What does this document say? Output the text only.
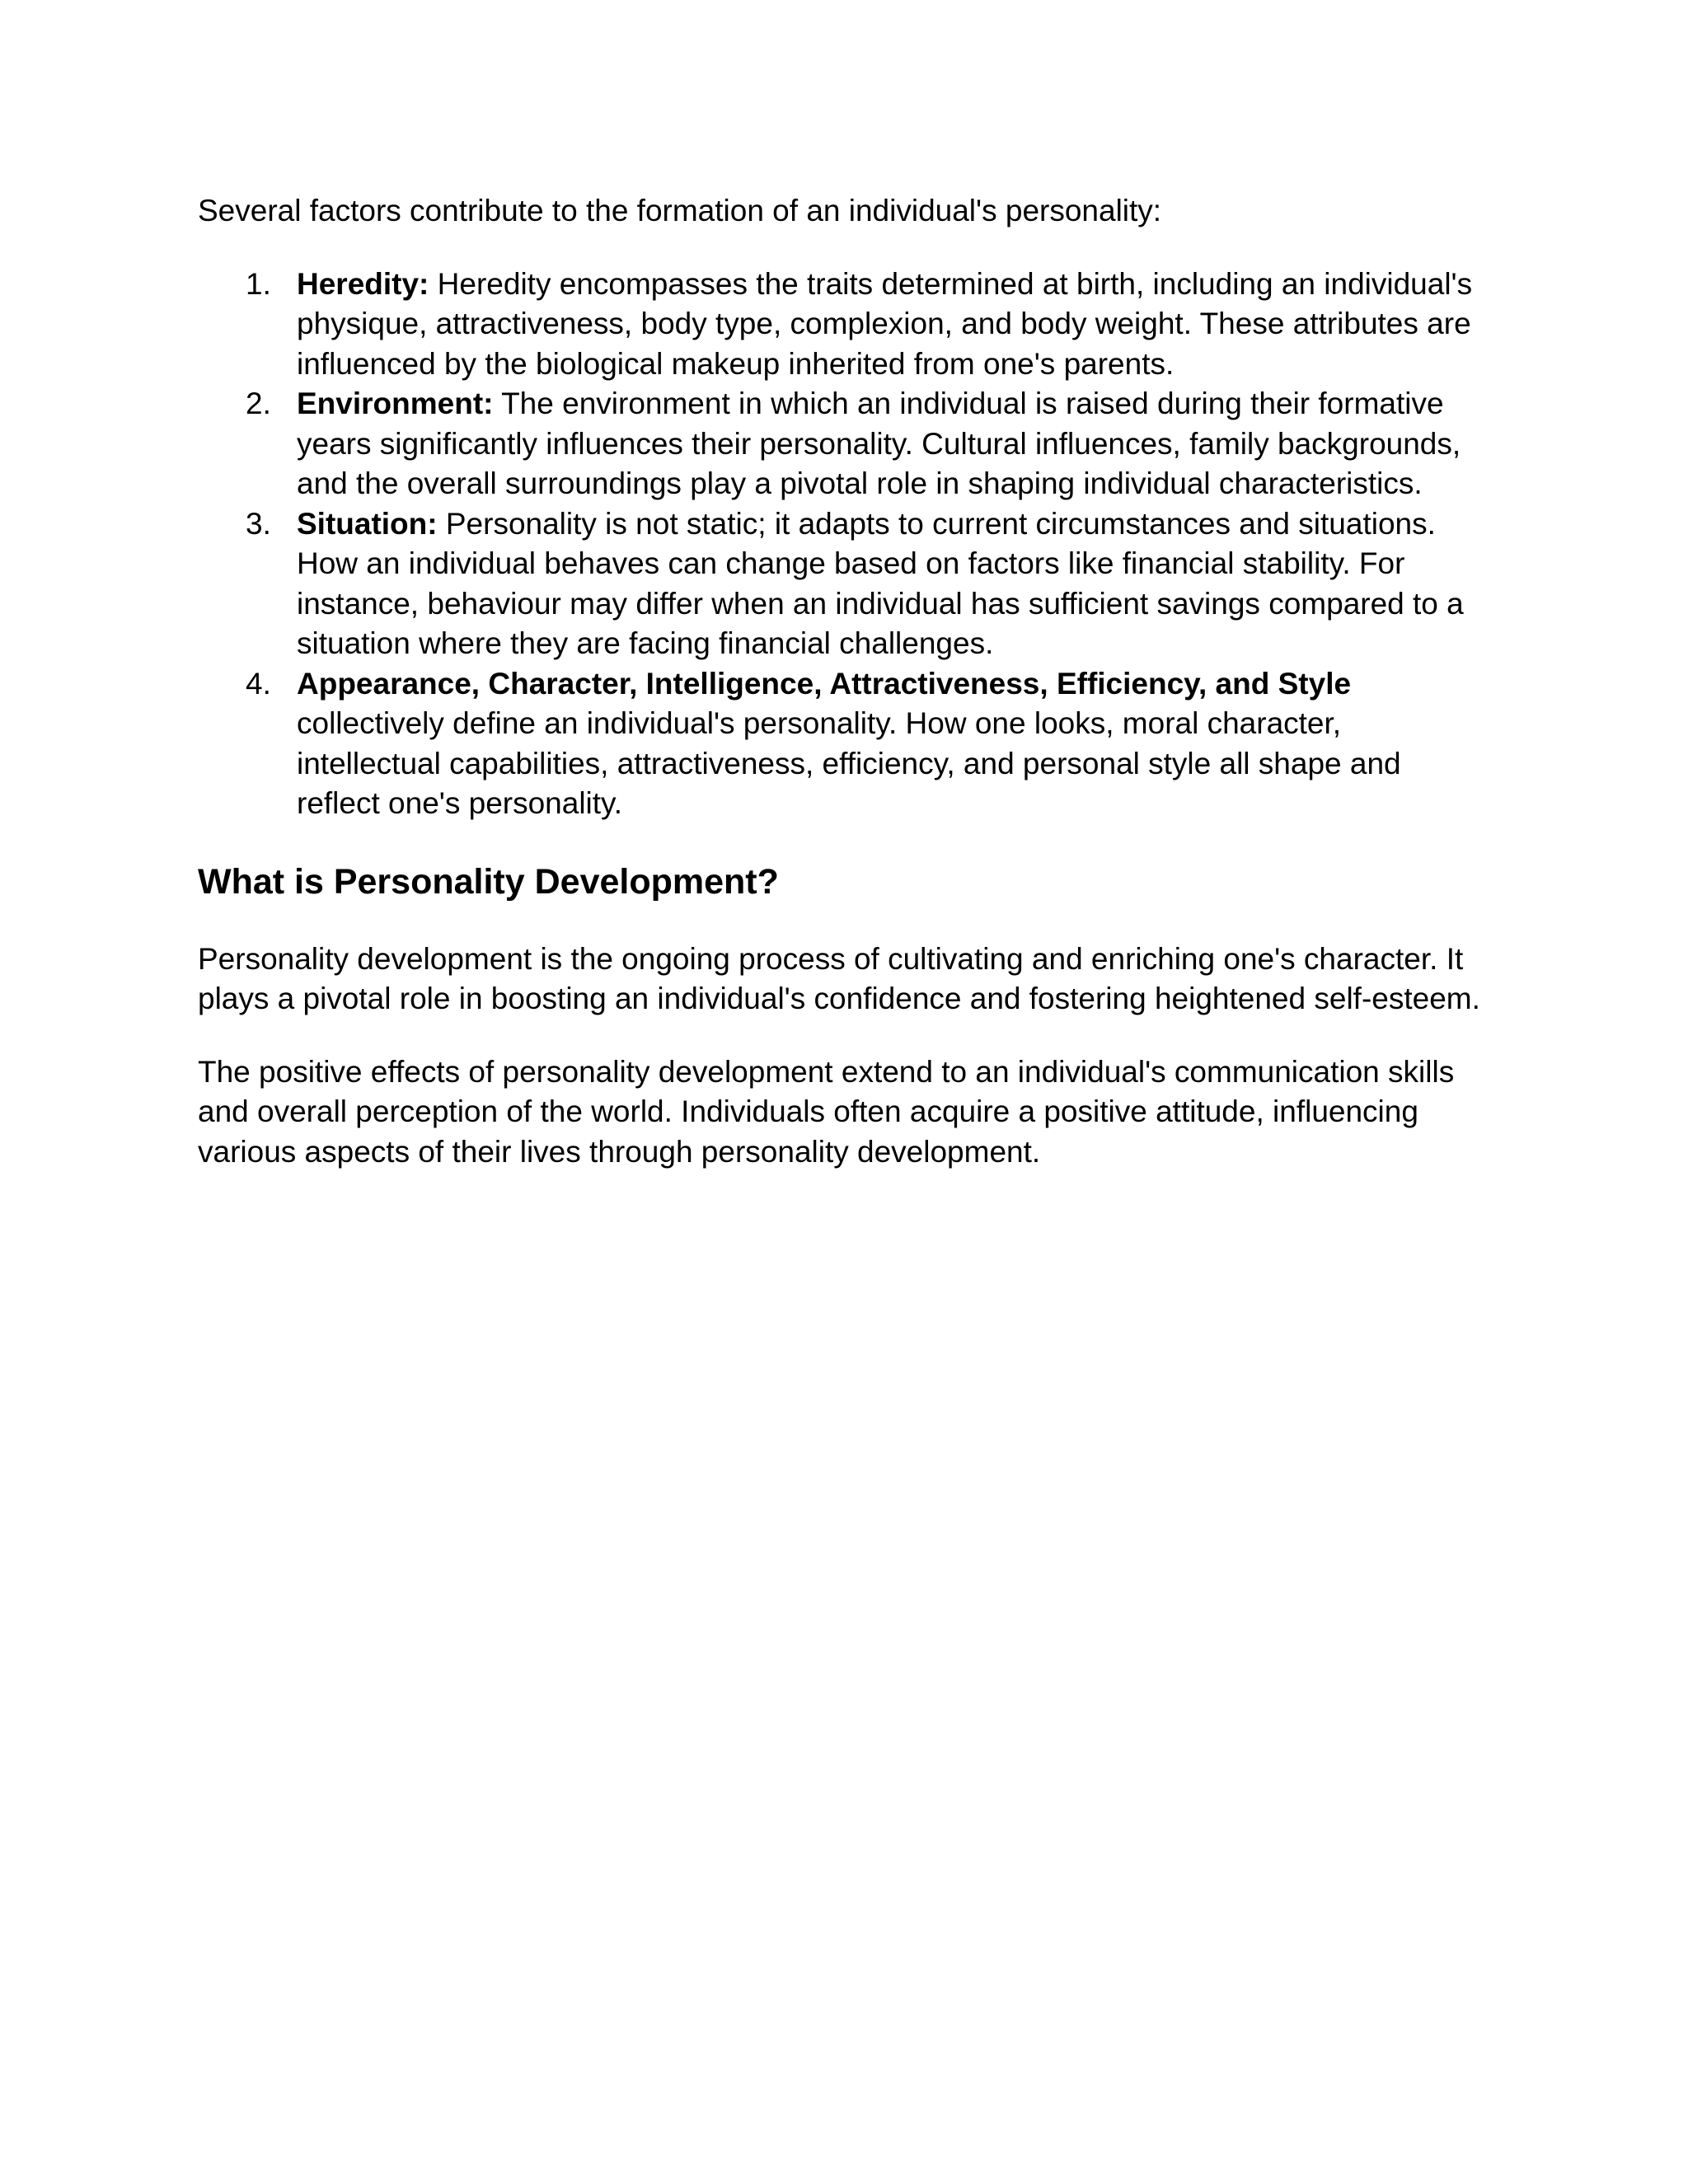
Several factors contribute to the formation of an individual's personality:

1. Heredity: Heredity encompasses the traits determined at birth, including an individual's physique, attractiveness, body type, complexion, and body weight. These attributes are influenced by the biological makeup inherited from one's parents.
2. Environment: The environment in which an individual is raised during their formative years significantly influences their personality. Cultural influences, family backgrounds, and the overall surroundings play a pivotal role in shaping individual characteristics.
3. Situation: Personality is not static; it adapts to current circumstances and situations. How an individual behaves can change based on factors like financial stability. For instance, behaviour may differ when an individual has sufficient savings compared to a situation where they are facing financial challenges.
4. Appearance, Character, Intelligence, Attractiveness, Efficiency, and Style collectively define an individual's personality. How one looks, moral character, intellectual capabilities, attractiveness, efficiency, and personal style all shape and reflect one's personality.
What is Personality Development?

Personality development is the ongoing process of cultivating and enriching one's character. It plays a pivotal role in boosting an individual's confidence and fostering heightened self-esteem.

The positive effects of personality development extend to an individual's communication skills and overall perception of the world. Individuals often acquire a positive attitude, influencing various aspects of their lives through personality development.
